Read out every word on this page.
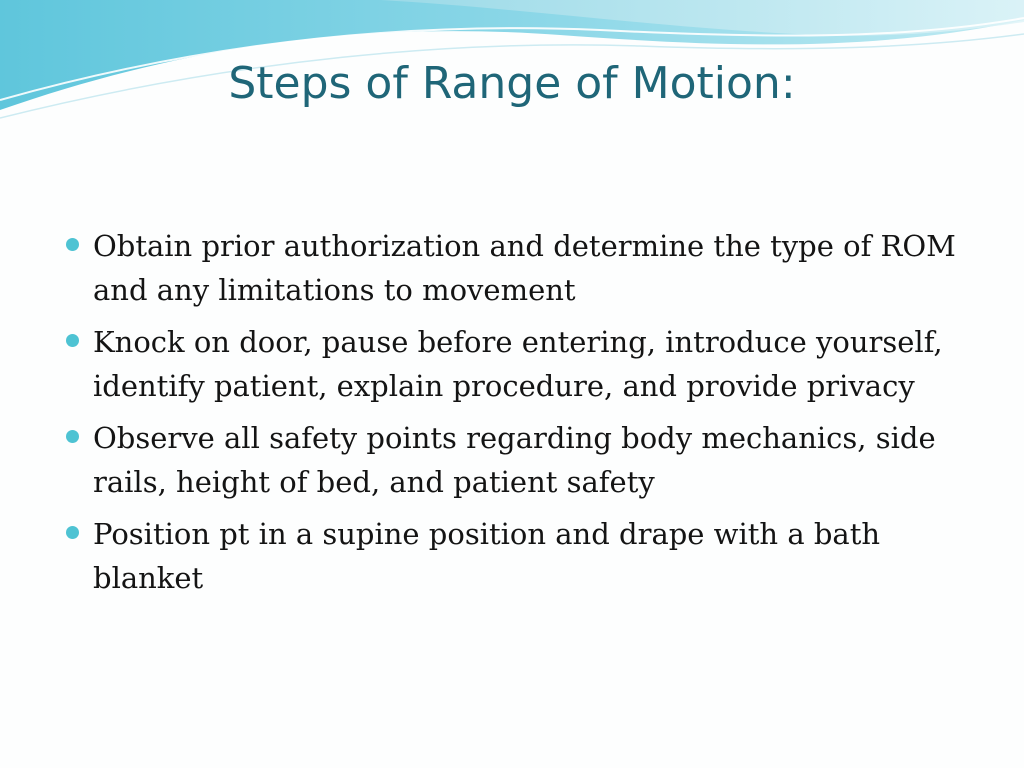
Steps of Range of Motion:
Obtain prior authorization and determine the type of ROM and any limitations to movement
Knock on door, pause before entering, introduce yourself, identify patient, explain procedure, and provide privacy
Observe all safety points regarding body mechanics, side rails, height of bed, and patient safety
Position pt in a supine position and drape with a bath blanket
